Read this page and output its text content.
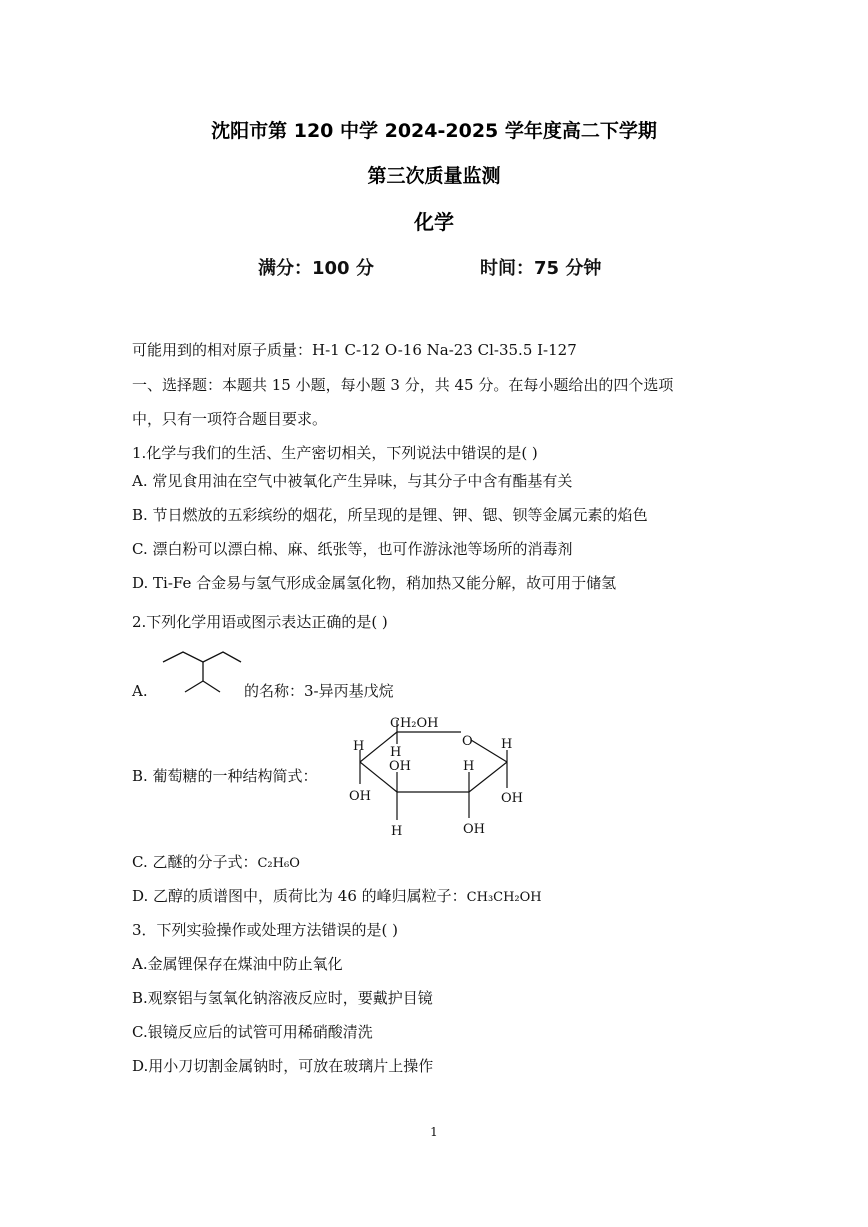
沈阳市第 120 中学 2024-2025 学年度高二下学期
第三次质量监测
化学
满分：100 分	时间：75 分钟
可能用到的相对原子质量：H-1 C-12 O-16 Na-23 Cl-35.5 I-127
一、选择题：本题共 15 小题，每小题 3 分，共 45 分。在每小题给出的四个选项
中，只有一项符合题目要求。
1.化学与我们的生活、生产密切相关，下列说法中错误的是( )
A. 常见食用油在空气中被氧化产生异味，与其分子中含有酯基有关
B. 节日燃放的五彩缤纷的烟花，所呈现的是锂、钾、锶、钡等金属元素的焰色
C. 漂白粉可以漂白棉、麻、纸张等，也可作游泳池等场所的消毒剂
D. Ti-Fe 合金易与氢气形成金属氢化物，稍加热又能分解，故可用于储氢
2.下列化学用语或图示表达正确的是( )
A.	的名称：3-异丙基戊烷
B. 葡萄糖的一种结构简式：
CH₂OH
O
H
H
OH
OH
H
H
OH
H
OH
C. 乙醚的分子式：C₂H₆O
D. 乙醇的质谱图中，质荷比为 46 的峰归属粒子：CH₃CH₂OH
3．下列实验操作或处理方法错误的是( )
A.金属锂保存在煤油中防止氧化
B.观察铝与氢氧化钠溶液反应时，要戴护目镜
C.银镜反应后的试管可用稀硝酸清洗
D.用小刀切割金属钠时，可放在玻璃片上操作
1
